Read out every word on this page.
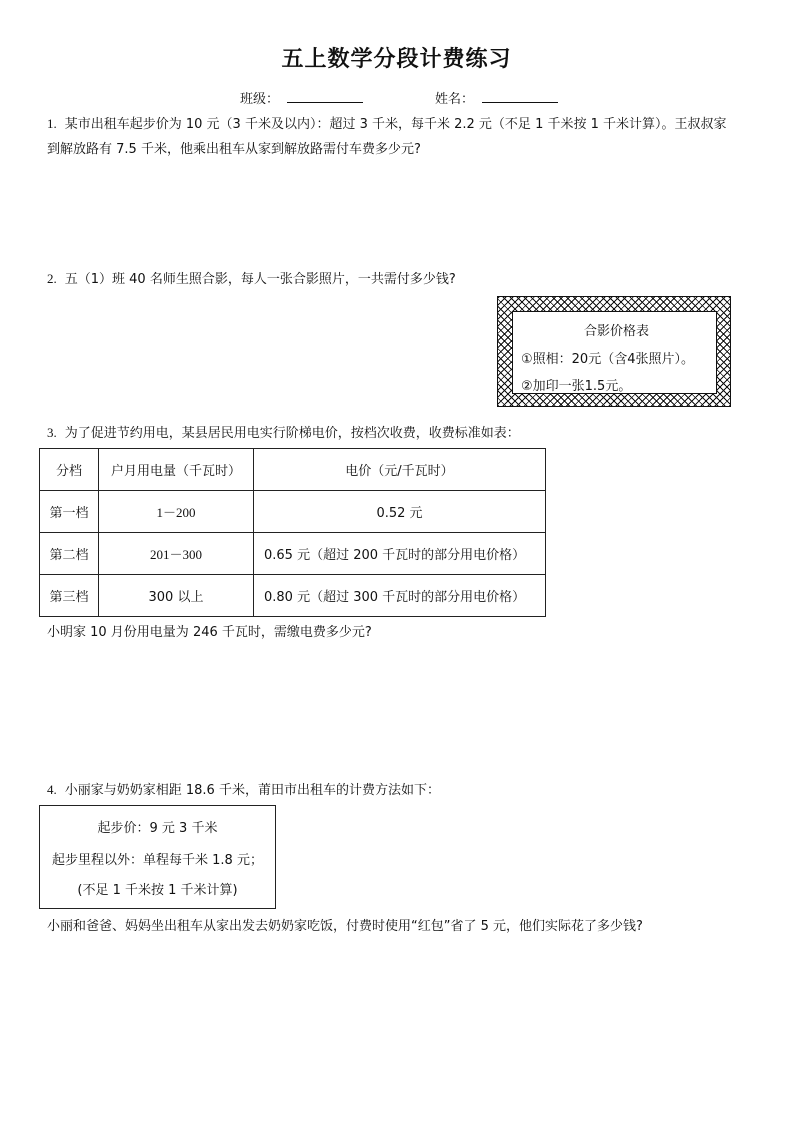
五上数学分段计费练习
班级：	姓名：
1. 某市出租车起步价为 10 元（3 千米及以内）：超过 3 千米，每千米 2.2 元（不足 1 千米按 1 千米计算）。王叔叔家
到解放路有 7.5 千米，他乘出租车从家到解放路需付车费多少元?
2. 五（1）班 40 名师生照合影，每人一张合影照片，一共需付多少钱?
合影价格表
①照相：20元（含4张照片）。
②加印一张1.5元。
3. 为了促进节约用电，某县居民用电实行阶梯电价，按档次收费，收费标准如表：
分档	户月用电量（千瓦时）	电价（元/千瓦时）
第一档	1－200	0.52 元
第二档	201－300	0.65 元（超过 200 千瓦时的部分用电价格）
第三档	300 以上	0.80 元（超过 300 千瓦时的部分用电价格）
小明家 10 月份用电量为 246 千瓦时，需缴电费多少元?
4. 小丽家与奶奶家相距 18.6 千米，莆田市出租车的计费方法如下：
起步价：9 元 3 千米
起步里程以外：单程每千米 1.8 元；
(不足 1 千米按 1 千米计算)
小丽和爸爸、妈妈坐出租车从家出发去奶奶家吃饭，付费时使用“红包”省了 5 元，他们实际花了多少钱?
